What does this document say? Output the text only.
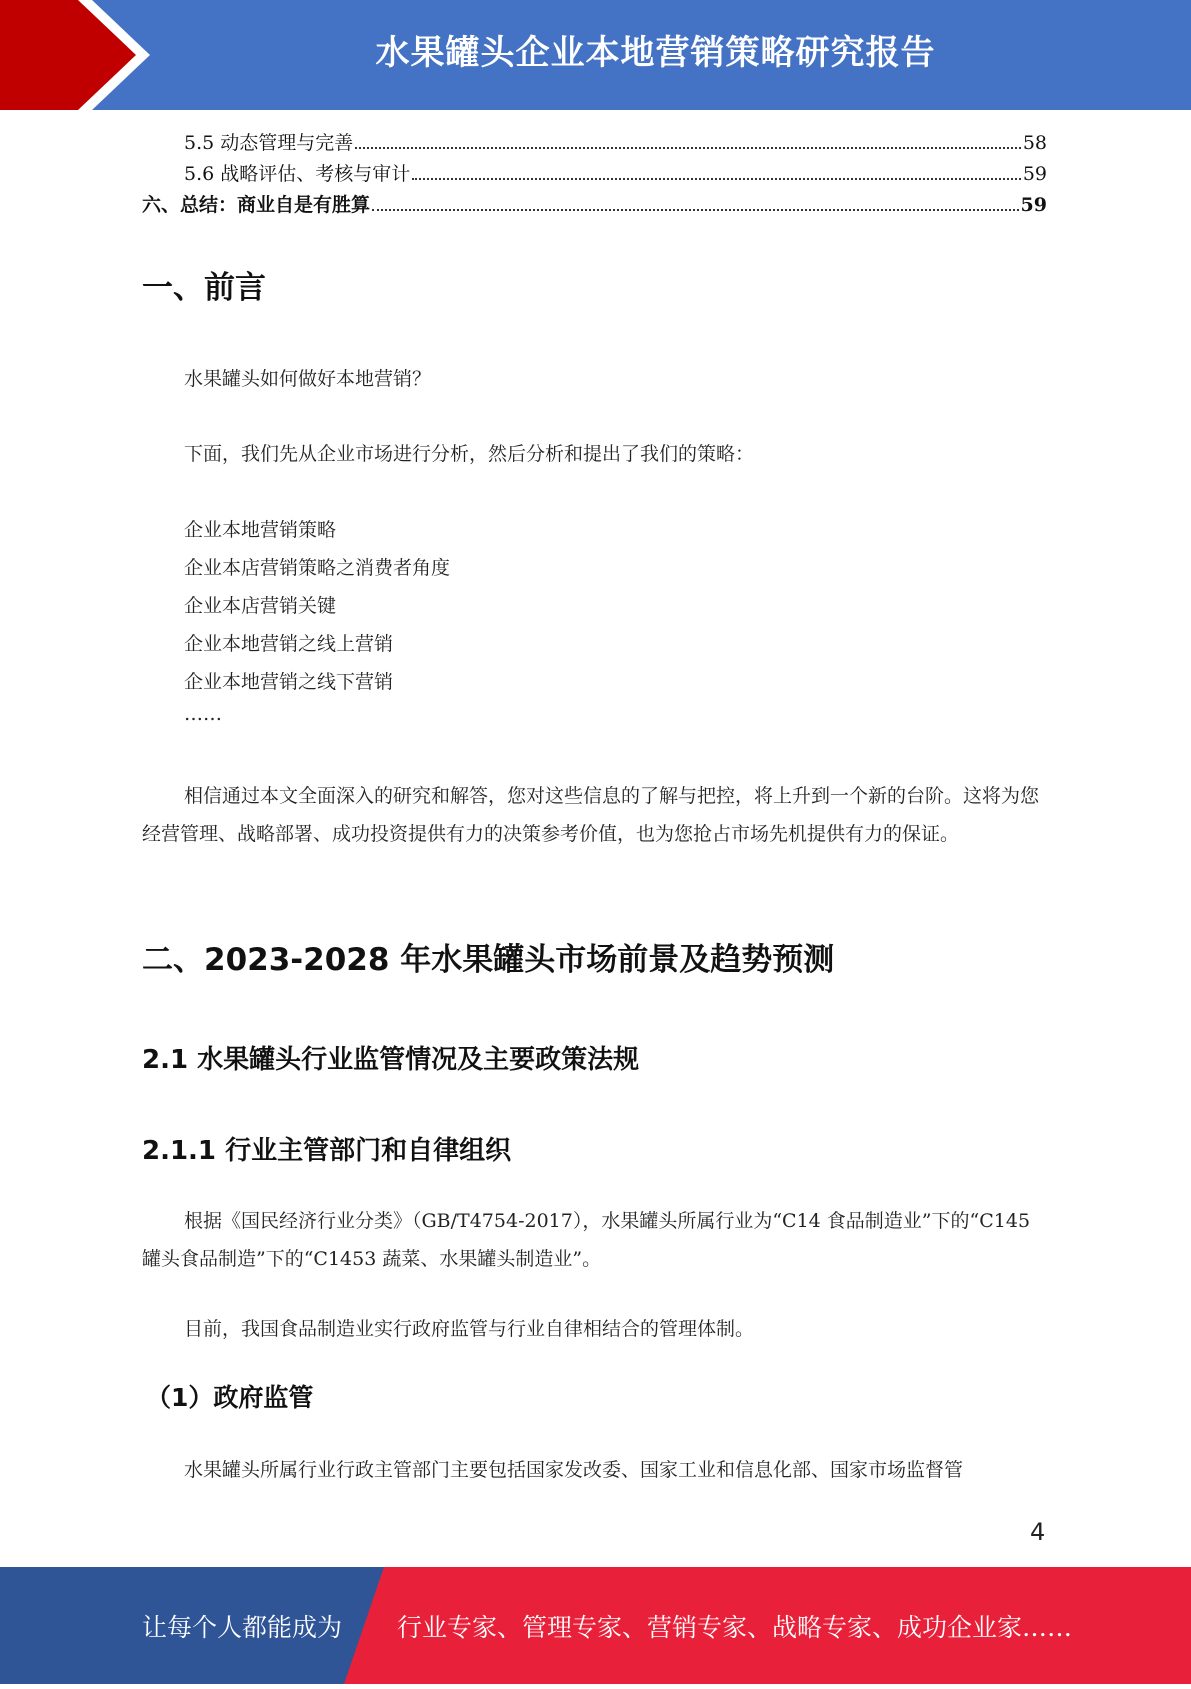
水果罐头企业本地营销策略研究报告
5.5 动态管理与完善	58
5.6 战略评估、考核与审计	59
六、总结：商业自是有胜算	59
一、前言
水果罐头如何做好本地营销？
下面，我们先从企业市场进行分析，然后分析和提出了我们的策略：
企业本地营销策略
企业本店营销策略之消费者角度
企业本店营销关键
企业本地营销之线上营销
企业本地营销之线下营销
……
相信通过本文全面深入的研究和解答，您对这些信息的了解与把控，将上升到一个新的台阶。这将为您经营管理、战略部署、成功投资提供有力的决策参考价值，也为您抢占市场先机提供有力的保证。
二、2023-2028 年水果罐头市场前景及趋势预测
2.1 水果罐头行业监管情况及主要政策法规
2.1.1 行业主管部门和自律组织
根据《国民经济行业分类》（GB/T4754-2017），水果罐头所属行业为“C14 食品制造业”下的“C145 罐头食品制造”下的“C1453 蔬菜、水果罐头制造业”。
目前，我国食品制造业实行政府监管与行业自律相结合的管理体制。
（1）政府监管
水果罐头所属行业行政主管部门主要包括国家发改委、国家工业和信息化部、国家市场监督管
4
让每个人都能成为 行业专家、管理专家、营销专家、战略专家、成功企业家……
